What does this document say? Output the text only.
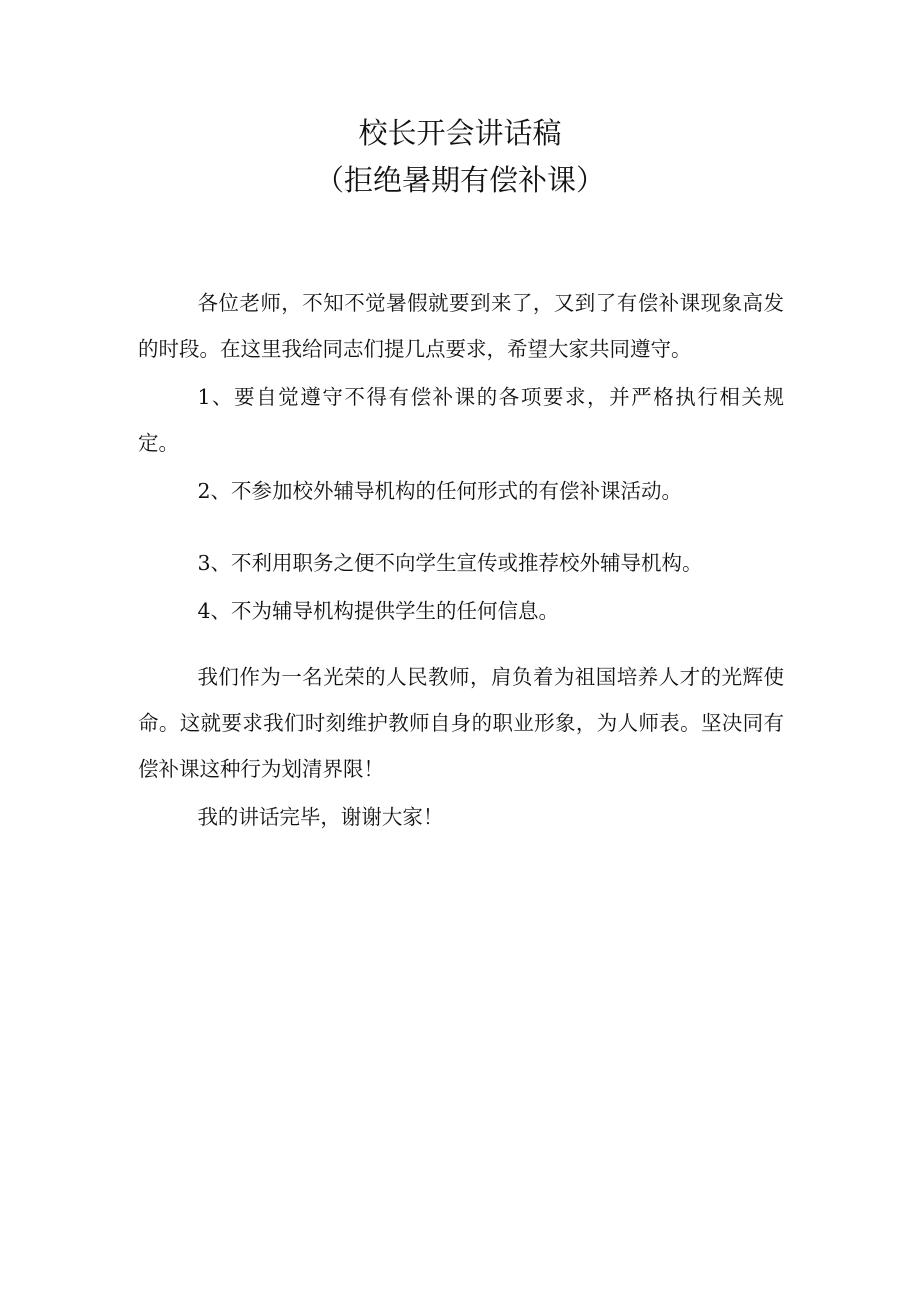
校长开会讲话稿
（拒绝暑期有偿补课）

各位老师，不知不觉暑假就要到来了，又到了有偿补课现象高发的时段。在这里我给同志们提几点要求，希望大家共同遵守。

1、要自觉遵守不得有偿补课的各项要求，并严格执行相关规定。

2、不参加校外辅导机构的任何形式的有偿补课活动。

3、不利用职务之便不向学生宣传或推荐校外辅导机构。

4、不为辅导机构提供学生的任何信息。

我们作为一名光荣的人民教师，肩负着为祖国培养人才的光辉使命。这就要求我们时刻维护教师自身的职业形象，为人师表。坚决同有偿补课这种行为划清界限！

我的讲话完毕，谢谢大家！
